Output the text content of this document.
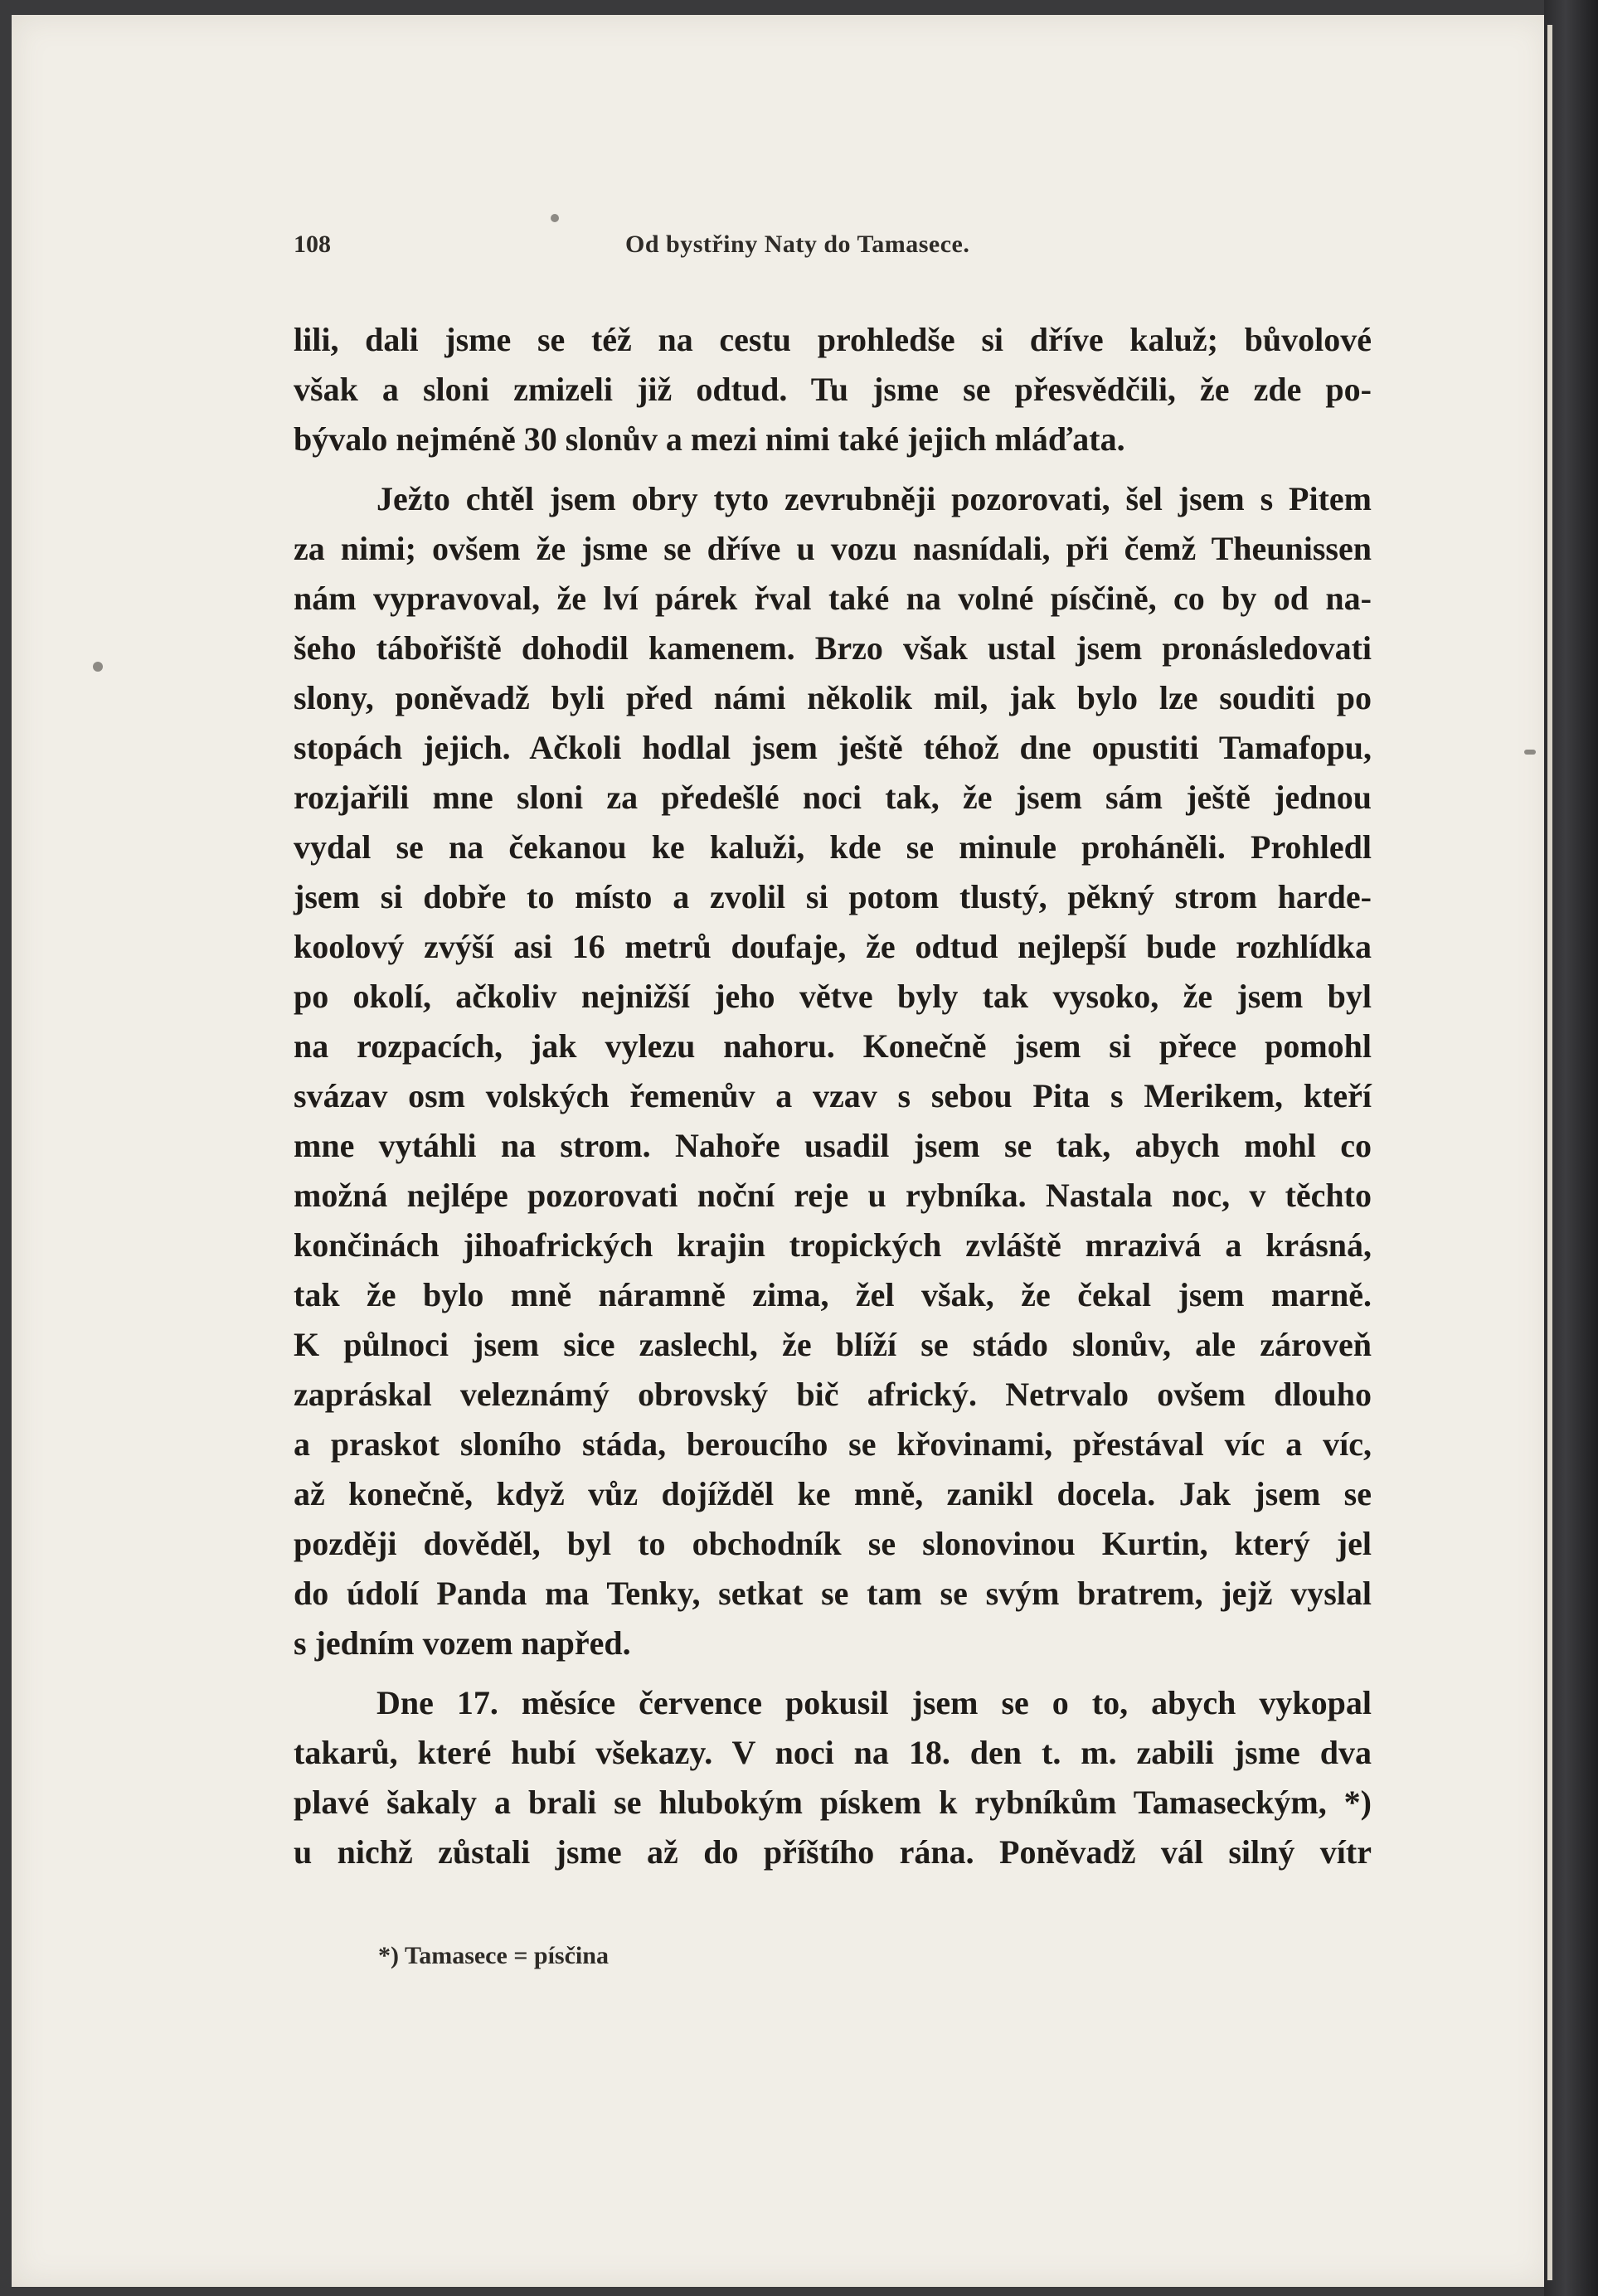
108	Od bystřiny Naty do Tamasece.
lili, dali jsme se též na cestu prohledše si dříve kaluž; bůvolové
však a sloni zmizeli již odtud. Tu jsme se přesvědčili, že zde po-
bývalo nejméně 30 slonův a mezi nimi také jejich mláďata.
Ježto chtěl jsem obry tyto zevrubněji pozorovati, šel jsem s Pitem
za nimi; ovšem že jsme se dříve u vozu nasnídali, při čemž Theunissen
nám vypravoval, že lví párek řval také na volné písčině, co by od na-
šeho tábořiště dohodil kamenem. Brzo však ustal jsem pronásledovati
slony, poněvadž byli před námi několik mil, jak bylo lze souditi po
stopách jejich. Ačkoli hodlal jsem ještě téhož dne opustiti Tamafopu,
rozjařili mne sloni za předešlé noci tak, že jsem sám ještě jednou
vydal se na čekanou ke kaluži, kde se minule proháněli. Prohledl
jsem si dobře to místo a zvolil si potom tlustý, pěkný strom harde-
koolový zvýší asi 16 metrů doufaje, že odtud nejlepší bude rozhlídka
po okolí, ačkoliv nejnižší jeho větve byly tak vysoko, že jsem byl
na rozpacích, jak vylezu nahoru. Konečně jsem si přece pomohl
svázav osm volských řemenův a vzav s sebou Pita s Merikem, kteří
mne vytáhli na strom. Nahoře usadil jsem se tak, abych mohl co
možná nejlépe pozorovati noční reje u rybníka. Nastala noc, v těchto
končinách jihoafrických krajin tropických zvláště mrazivá a krásná,
tak že bylo mně náramně zima, žel však, že čekal jsem marně.
K půlnoci jsem sice zaslechl, že blíží se stádo slonův, ale zároveň
zapráskal veleznámý obrovský bič africký. Netrvalo ovšem dlouho
a praskot sloního stáda, beroucího se křovinami, přestával víc a víc,
až konečně, když vůz dojížděl ke mně, zanikl docela. Jak jsem se
později dověděl, byl to obchodník se slonovinou Kurtin, který jel
do údolí Panda ma Tenky, setkat se tam se svým bratrem, jejž vyslal
s jedním vozem napřed.
Dne 17. měsíce července pokusil jsem se o to, abych vykopal
takarů, které hubí všekazy. V noci na 18. den t. m. zabili jsme dva
plavé šakaly a brali se hlubokým pískem k rybníkům Tamaseckým, *)
u nichž zůstali jsme až do příštího rána. Poněvadž vál silný vítr
*) Tamasece = písčina
